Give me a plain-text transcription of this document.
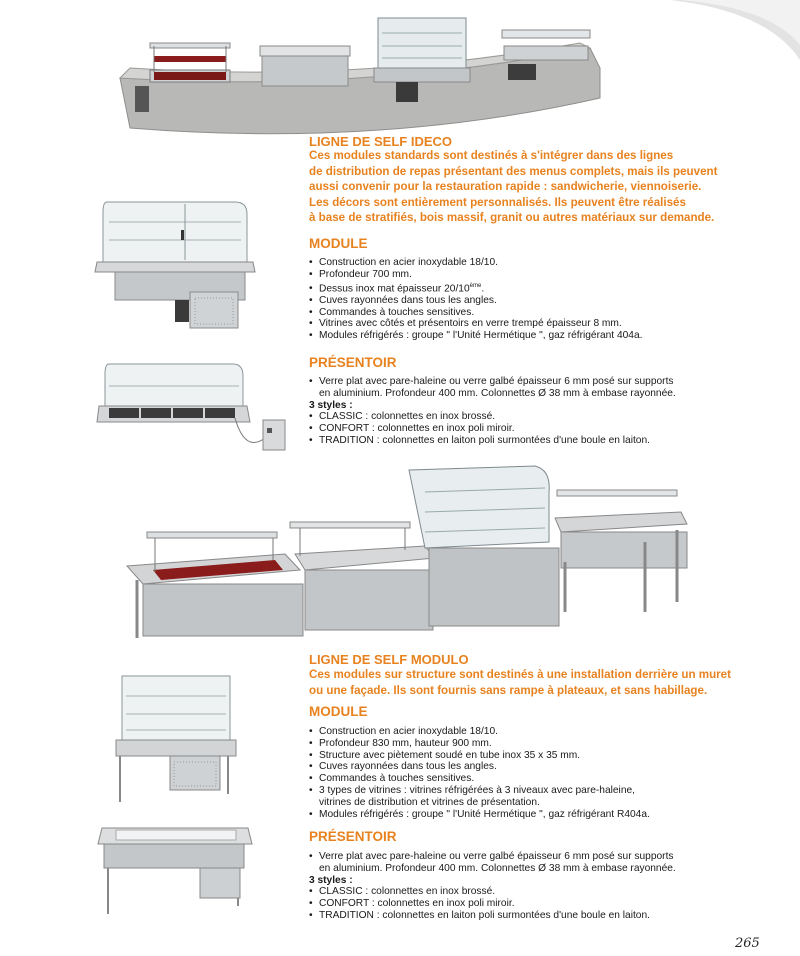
LIGNE DE SELF IDECO
Ces modules standards sont destinés à s'intégrer dans des lignes
de distribution de repas présentant des menus complets, mais ils peuvent
aussi convenir pour la restauration rapide : sandwicherie, viennoiserie.
Les décors sont entièrement personnalisés. Ils peuvent être réalisés
à base de stratifiés, bois massif, granit ou autres matériaux sur demande.
MODULE
• Construction en acier inoxydable 18/10.
• Profondeur 700 mm.
• Dessus inox mat épaisseur 20/10ème.
• Cuves rayonnées dans tous les angles.
• Commandes à touches sensitives.
• Vitrines avec côtés et présentoirs en verre trempé épaisseur 8 mm.
• Modules réfrigérés : groupe " l'Unité Hermétique ", gaz réfrigérant 404a.
PRÉSENTOIR
• Verre plat avec pare-haleine ou verre galbé épaisseur 6 mm posé sur supports
en aluminium. Profondeur 400 mm. Colonnettes Ø 38 mm à embase rayonnée.
3 styles :
• CLASSIC : colonnettes en inox brossé.
• CONFORT : colonnettes en inox poli miroir.
• TRADITION : colonnettes en laiton poli surmontées d'une boule en laiton.
LIGNE DE SELF MODULO
Ces modules sur structure sont destinés à une installation derrière un muret
ou une façade. Ils sont fournis sans rampe à plateaux, et sans habillage.
MODULE
• Construction en acier inoxydable 18/10.
• Profondeur 830 mm, hauteur 900 mm.
• Structure avec piètement soudé en tube inox 35 x 35 mm.
• Cuves rayonnées dans tous les angles.
• Commandes à touches sensitives.
• 3 types de vitrines : vitrines réfrigérées à 3 niveaux avec pare-haleine,
vitrines de distribution et vitrines de présentation.
• Modules réfrigérés : groupe " l'Unité Hermétique ", gaz réfrigérant R404a.
PRÉSENTOIR
• Verre plat avec pare-haleine ou verre galbé épaisseur 6 mm posé sur supports
en aluminium. Profondeur 400 mm. Colonnettes Ø 38 mm à embase rayonnée.
3 styles :
• CLASSIC : colonnettes en inox brossé.
• CONFORT : colonnettes en inox poli miroir.
• TRADITION : colonnettes en laiton poli surmontées d'une boule en laiton.
265
